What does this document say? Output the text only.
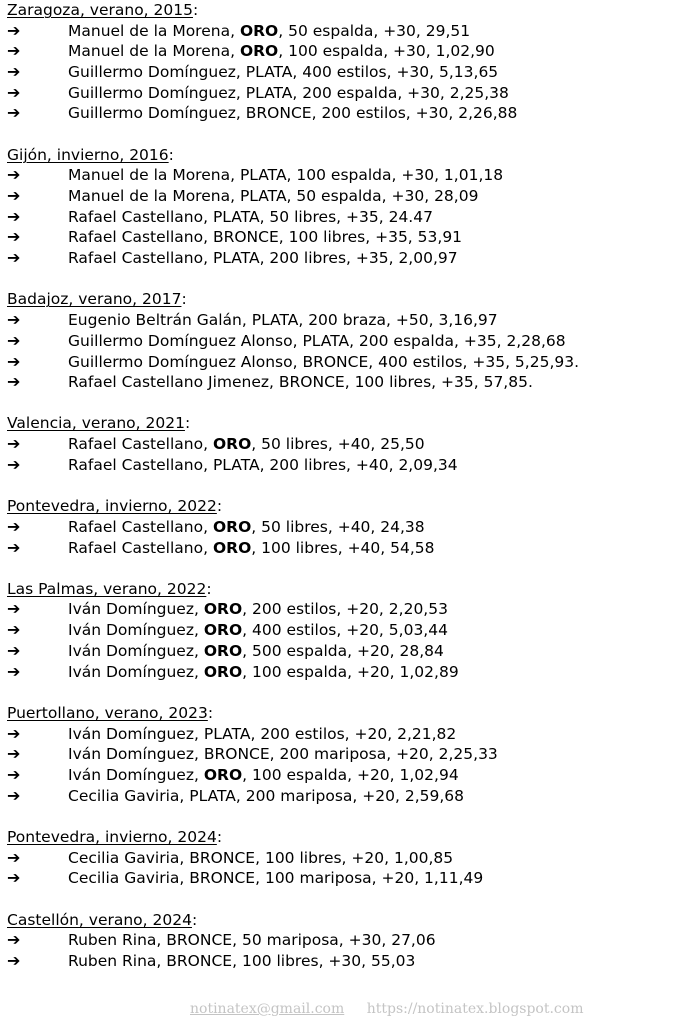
Zaragoza, verano, 2015:
➔	Manuel de la Morena, ORO, 50 espalda, +30, 29,51
➔	Manuel de la Morena, ORO, 100 espalda, +30, 1,02,90
➔	Guillermo Domínguez, PLATA, 400 estilos, +30, 5,13,65
➔	Guillermo Domínguez, PLATA, 200 espalda, +30, 2,25,38
➔	Guillermo Domínguez, BRONCE, 200 estilos, +30, 2,26,88
Gijón, invierno, 2016:
➔	Manuel de la Morena, PLATA, 100 espalda, +30, 1,01,18
➔	Manuel de la Morena, PLATA, 50 espalda, +30, 28,09
➔	Rafael Castellano, PLATA, 50 libres, +35, 24.47
➔	Rafael Castellano, BRONCE, 100 libres, +35, 53,91
➔	Rafael Castellano, PLATA, 200 libres, +35, 2,00,97
Badajoz, verano, 2017:
➔	Eugenio Beltrán Galán, PLATA, 200 braza, +50, 3,16,97
➔	Guillermo Domínguez Alonso, PLATA, 200 espalda, +35, 2,28,68
➔	Guillermo Domínguez Alonso, BRONCE, 400 estilos, +35, 5,25,93.
➔	Rafael Castellano Jimenez, BRONCE, 100 libres, +35, 57,85.
Valencia, verano, 2021:
➔	Rafael Castellano, ORO, 50 libres, +40, 25,50
➔	Rafael Castellano, PLATA, 200 libres, +40, 2,09,34
Pontevedra, invierno, 2022:
➔	Rafael Castellano, ORO, 50 libres, +40, 24,38
➔	Rafael Castellano, ORO, 100 libres, +40, 54,58
Las Palmas, verano, 2022:
➔	Iván Domínguez, ORO, 200 estilos, +20, 2,20,53
➔	Iván Domínguez, ORO, 400 estilos, +20, 5,03,44
➔	Iván Domínguez, ORO, 500 espalda, +20, 28,84
➔	Iván Domínguez, ORO, 100 espalda, +20, 1,02,89
Puertollano, verano, 2023:
➔	Iván Domínguez, PLATA, 200 estilos, +20, 2,21,82
➔	Iván Domínguez, BRONCE, 200 mariposa, +20, 2,25,33
➔	Iván Domínguez, ORO, 100 espalda, +20, 1,02,94
➔	Cecilia Gaviria, PLATA, 200 mariposa, +20, 2,59,68
Pontevedra, invierno, 2024:
➔	Cecilia Gaviria, BRONCE, 100 libres, +20, 1,00,85
➔	Cecilia Gaviria, BRONCE, 100 mariposa, +20, 1,11,49
Castellón, verano, 2024:
➔	Ruben Rina, BRONCE, 50 mariposa, +30, 27,06
➔	Ruben Rina, BRONCE, 100 libres, +30, 55,03
notinatex@gmail.com https://notinatex.blogspot.com
